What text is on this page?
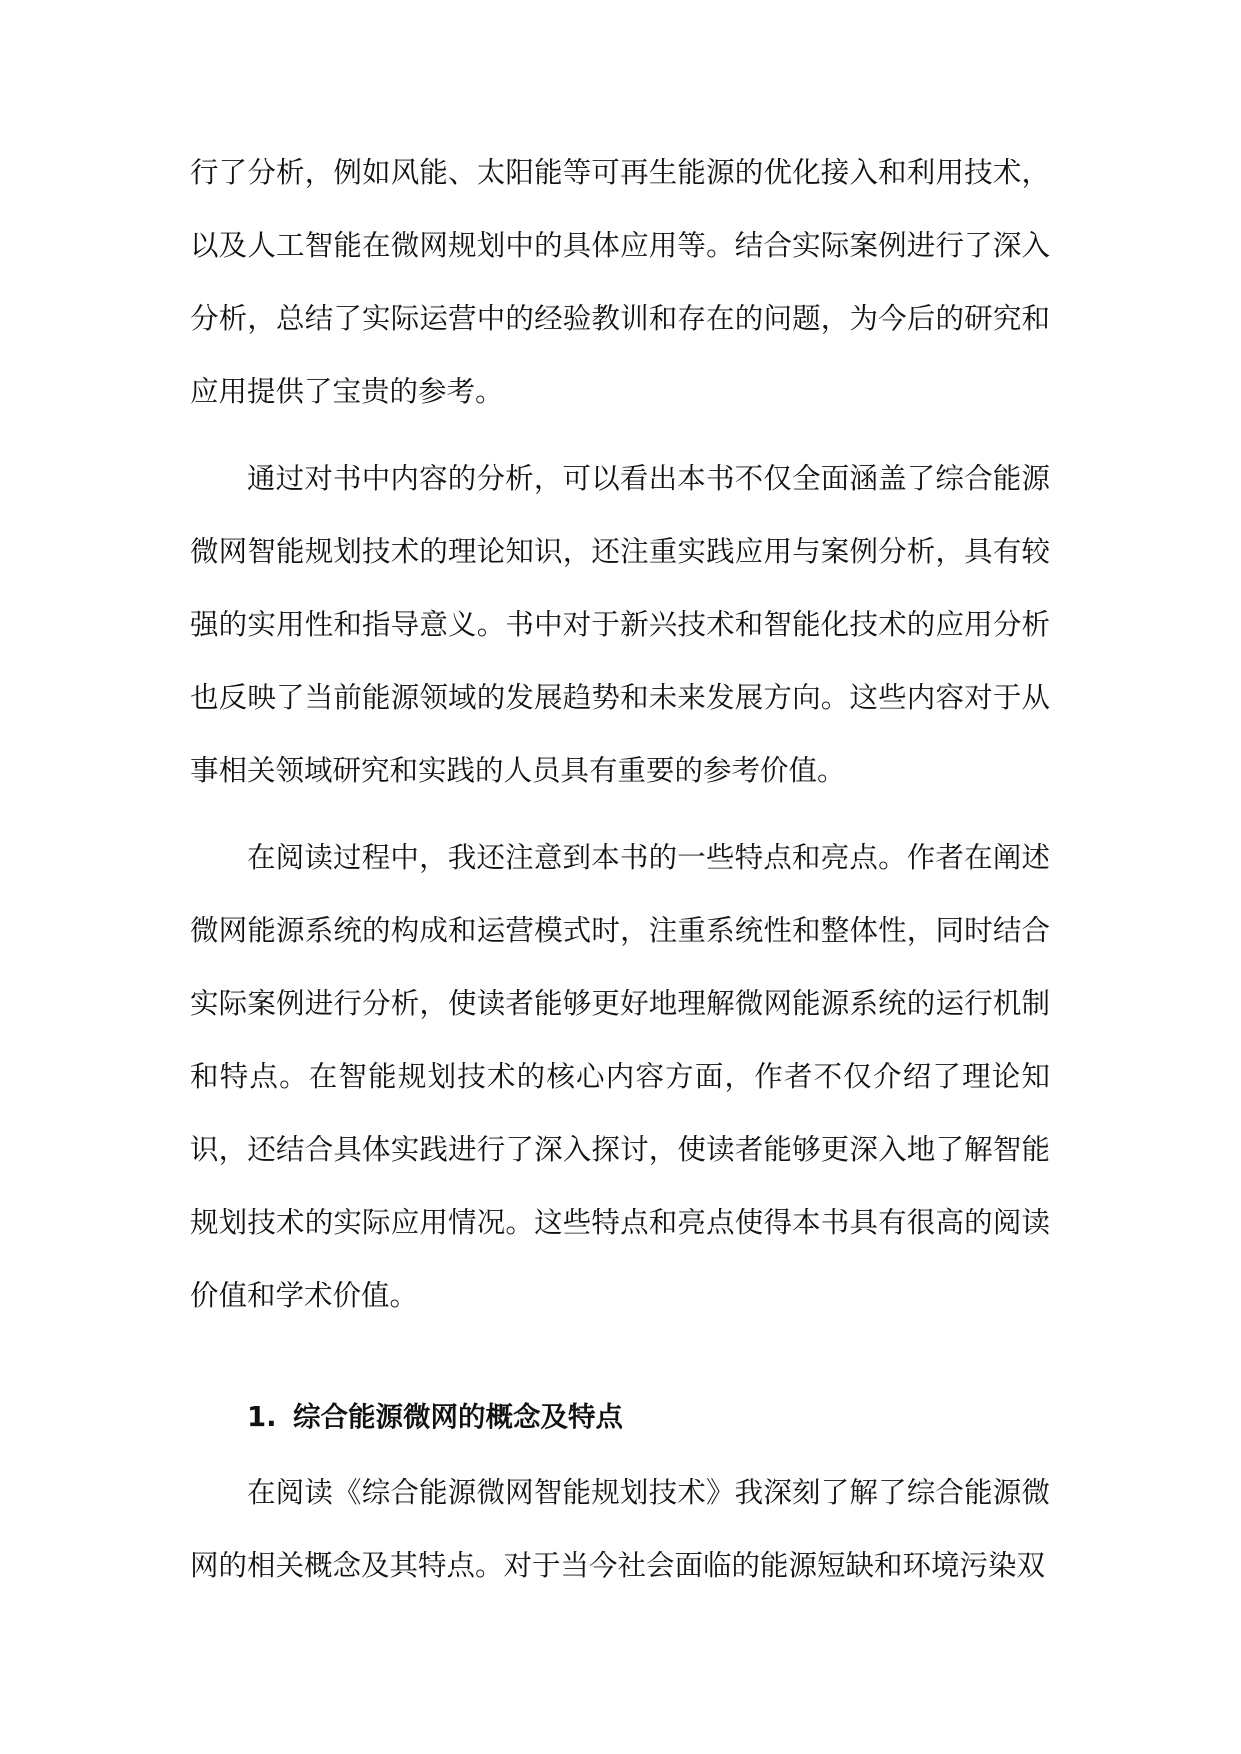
行了分析，例如风能、太阳能等可再生能源的优化接入和利用技术，以及人工智能在微网规划中的具体应用等。结合实际案例进行了深入分析，总结了实际运营中的经验教训和存在的问题，为今后的研究和应用提供了宝贵的参考。

通过对书中内容的分析，可以看出本书不仅全面涵盖了综合能源微网智能规划技术的理论知识，还注重实践应用与案例分析，具有较强的实用性和指导意义。书中对于新兴技术和智能化技术的应用分析也反映了当前能源领域的发展趋势和未来发展方向。这些内容对于从事相关领域研究和实践的人员具有重要的参考价值。

在阅读过程中，我还注意到本书的一些特点和亮点。作者在阐述微网能源系统的构成和运营模式时，注重系统性和整体性，同时结合实际案例进行分析，使读者能够更好地理解微网能源系统的运行机制和特点。在智能规划技术的核心内容方面，作者不仅介绍了理论知识，还结合具体实践进行了深入探讨，使读者能够更深入地了解智能规划技术的实际应用情况。这些特点和亮点使得本书具有很高的阅读价值和学术价值。

1. 综合能源微网的概念及特点

在阅读《综合能源微网智能规划技术》我深刻了解了综合能源微网的相关概念及其特点。对于当今社会面临的能源短缺和环境污染双
